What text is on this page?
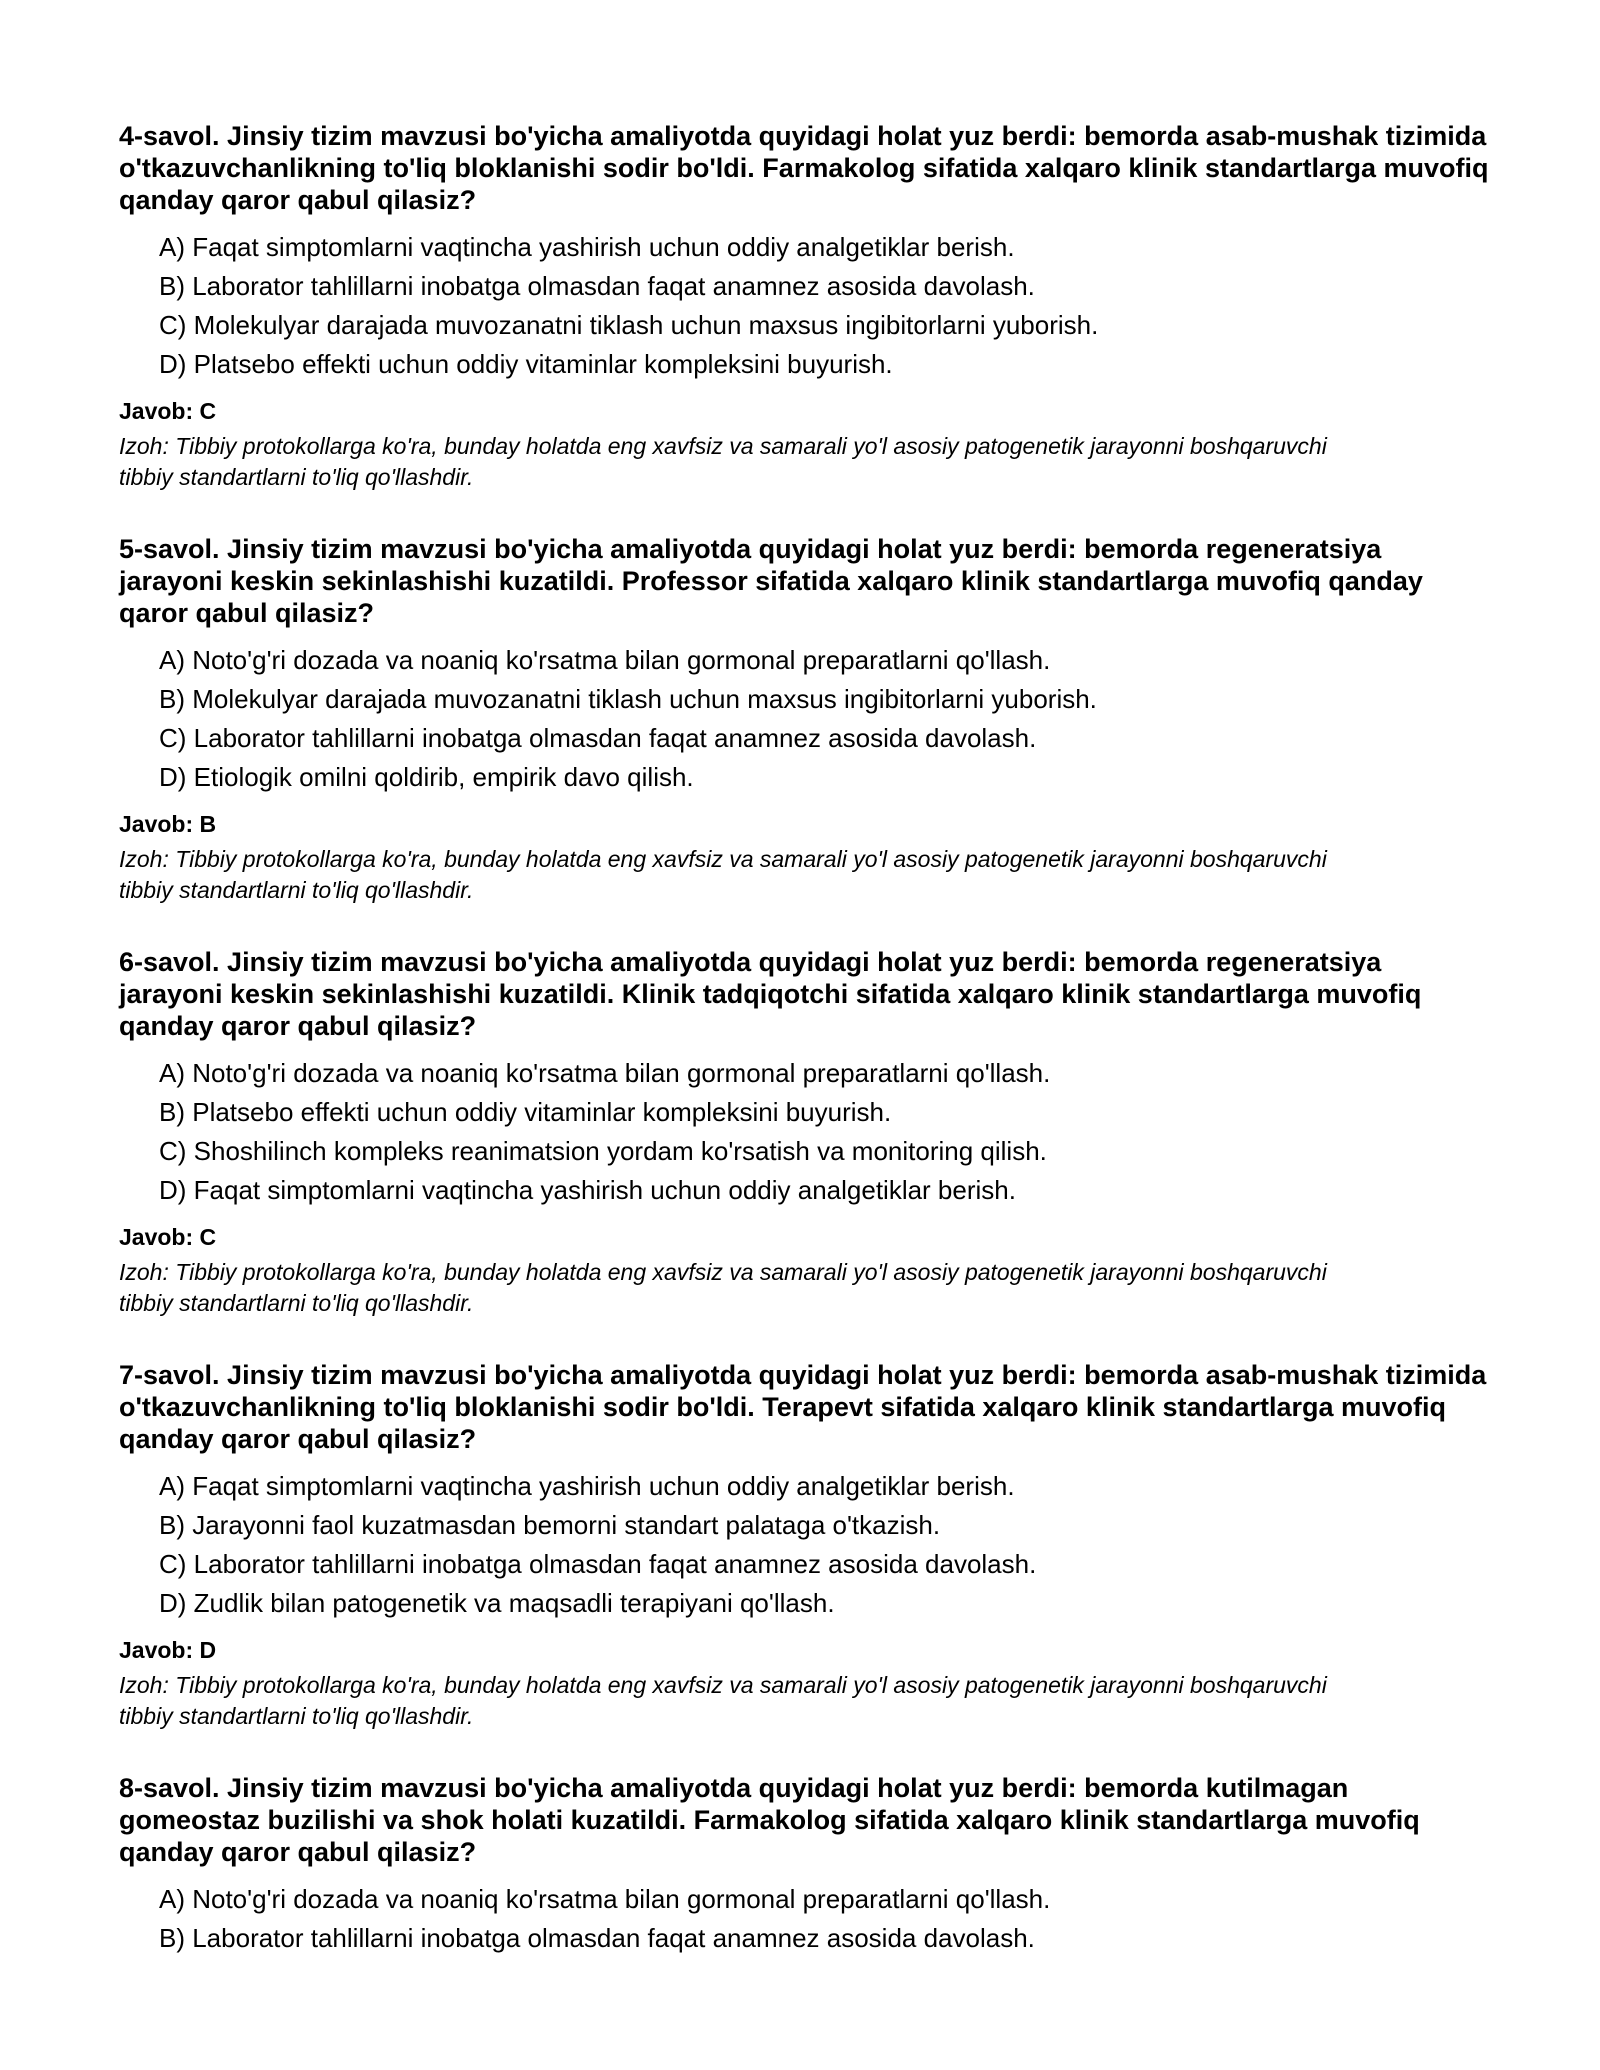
4-savol. Jinsiy tizim mavzusi bo'yicha amaliyotda quyidagi holat yuz berdi: bemorda asab-mushak tizimida o'tkazuvchanlikning to'liq bloklanishi sodir bo'ldi. Farmakolog sifatida xalqaro klinik standartlarga muvofiq qanday qaror qabul qilasiz?
A) Faqat simptomlarni vaqtincha yashirish uchun oddiy analgetiklar berish.
B) Laborator tahlillarni inobatga olmasdan faqat anamnez asosida davolash.
C) Molekulyar darajada muvozanatni tiklash uchun maxsus ingibitorlarni yuborish.
D) Platsebo effekti uchun oddiy vitaminlar kompleksini buyurish.
Javob: C

Izoh: Tibbiy protokollarga ko'ra, bunday holatda eng xavfsiz va samarali yo'l asosiy patogenetik jarayonni boshqaruvchi tibbiy standartlarni to'liq qo'llashdir.

5-savol. Jinsiy tizim mavzusi bo'yicha amaliyotda quyidagi holat yuz berdi: bemorda regeneratsiya jarayoni keskin sekinlashishi kuzatildi. Professor sifatida xalqaro klinik standartlarga muvofiq qanday qaror qabul qilasiz?
A) Noto'g'ri dozada va noaniq ko'rsatma bilan gormonal preparatlarni qo'llash.
B) Molekulyar darajada muvozanatni tiklash uchun maxsus ingibitorlarni yuborish.
C) Laborator tahlillarni inobatga olmasdan faqat anamnez asosida davolash.
D) Etiologik omilni qoldirib, empirik davo qilish.
Javob: B

Izoh: Tibbiy protokollarga ko'ra, bunday holatda eng xavfsiz va samarali yo'l asosiy patogenetik jarayonni boshqaruvchi tibbiy standartlarni to'liq qo'llashdir.

6-savol. Jinsiy tizim mavzusi bo'yicha amaliyotda quyidagi holat yuz berdi: bemorda regeneratsiya jarayoni keskin sekinlashishi kuzatildi. Klinik tadqiqotchi sifatida xalqaro klinik standartlarga muvofiq qanday qaror qabul qilasiz?
A) Noto'g'ri dozada va noaniq ko'rsatma bilan gormonal preparatlarni qo'llash.
B) Platsebo effekti uchun oddiy vitaminlar kompleksini buyurish.
C) Shoshilinch kompleks reanimatsion yordam ko'rsatish va monitoring qilish.
D) Faqat simptomlarni vaqtincha yashirish uchun oddiy analgetiklar berish.
Javob: C

Izoh: Tibbiy protokollarga ko'ra, bunday holatda eng xavfsiz va samarali yo'l asosiy patogenetik jarayonni boshqaruvchi tibbiy standartlarni to'liq qo'llashdir.

7-savol. Jinsiy tizim mavzusi bo'yicha amaliyotda quyidagi holat yuz berdi: bemorda asab-mushak tizimida o'tkazuvchanlikning to'liq bloklanishi sodir bo'ldi. Terapevt sifatida xalqaro klinik standartlarga muvofiq qanday qaror qabul qilasiz?
A) Faqat simptomlarni vaqtincha yashirish uchun oddiy analgetiklar berish.
B) Jarayonni faol kuzatmasdan bemorni standart palataga o'tkazish.
C) Laborator tahlillarni inobatga olmasdan faqat anamnez asosida davolash.
D) Zudlik bilan patogenetik va maqsadli terapiyani qo'llash.
Javob: D

Izoh: Tibbiy protokollarga ko'ra, bunday holatda eng xavfsiz va samarali yo'l asosiy patogenetik jarayonni boshqaruvchi tibbiy standartlarni to'liq qo'llashdir.

8-savol. Jinsiy tizim mavzusi bo'yicha amaliyotda quyidagi holat yuz berdi: bemorda kutilmagan gomeostaz buzilishi va shok holati kuzatildi. Farmakolog sifatida xalqaro klinik standartlarga muvofiq qanday qaror qabul qilasiz?
A) Noto'g'ri dozada va noaniq ko'rsatma bilan gormonal preparatlarni qo'llash.
B) Laborator tahlillarni inobatga olmasdan faqat anamnez asosida davolash.
